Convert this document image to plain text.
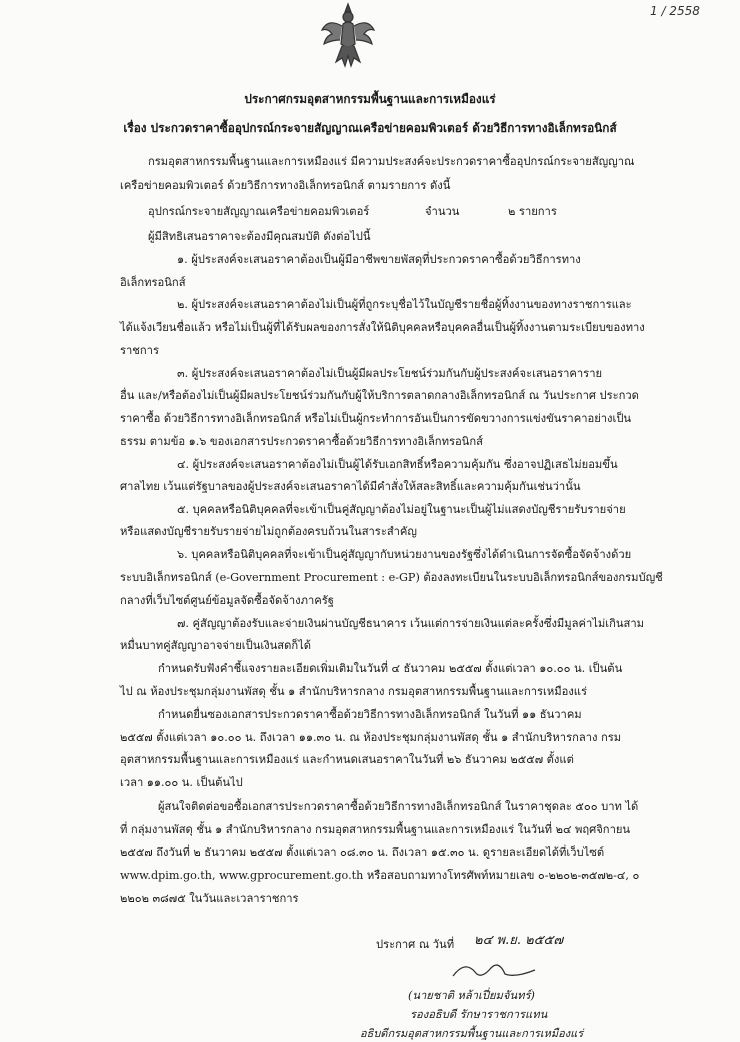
1 / 2558
ประกาศกรมอุตสาหกรรมพื้นฐานและการเหมืองแร่
เรื่อง ประกวดราคาซื้ออุปกรณ์กระจายสัญญาณเครือข่ายคอมพิวเตอร์ ด้วยวิธีการทางอิเล็กทรอนิกส์
กรมอุตสาหกรรมพื้นฐานและการเหมืองแร่ มีความประสงค์จะประกวดราคาซื้ออุปกรณ์กระจายสัญญาณ
เครือข่ายคอมพิวเตอร์ ด้วยวิธีการทางอิเล็กทรอนิกส์ ตามรายการ ดังนี้
อุปกรณ์กระจายสัญญาณเครือข่ายคอมพิวเตอร์	จำนวน	๒ รายการ
ผู้มีสิทธิเสนอราคาจะต้องมีคุณสมบัติ ดังต่อไปนี้
๑. ผู้ประสงค์จะเสนอราคาต้องเป็นผู้มีอาชีพขายพัสดุที่ประกวดราคาซื้อด้วยวิธีการทาง
อิเล็กทรอนิกส์
๒. ผู้ประสงค์จะเสนอราคาต้องไม่เป็นผู้ที่ถูกระบุชื่อไว้ในบัญชีรายชื่อผู้ทิ้งงานของทางราชการและ
ได้แจ้งเวียนชื่อแล้ว หรือไม่เป็นผู้ที่ได้รับผลของการสั่งให้นิติบุคคลหรือบุคคลอื่นเป็นผู้ทิ้งงานตามระเบียบของทาง
ราชการ
๓. ผู้ประสงค์จะเสนอราคาต้องไม่เป็นผู้มีผลประโยชน์ร่วมกันกับผู้ประสงค์จะเสนอราคาราย
อื่น และ/หรือต้องไม่เป็นผู้มีผลประโยชน์ร่วมกันกับผู้ให้บริการตลาดกลางอิเล็กทรอนิกส์ ณ วันประกาศ ประกวด
ราคาซื้อ ด้วยวิธีการทางอิเล็กทรอนิกส์ หรือไม่เป็นผู้กระทำการอันเป็นการขัดขวางการแข่งขันราคาอย่างเป็น
ธรรม ตามข้อ ๑.๖ ของเอกสารประกวดราคาซื้อด้วยวิธีการทางอิเล็กทรอนิกส์
๔. ผู้ประสงค์จะเสนอราคาต้องไม่เป็นผู้ได้รับเอกสิทธิ์หรือความคุ้มกัน ซึ่งอาจปฏิเสธไม่ยอมขึ้น
ศาลไทย เว้นแต่รัฐบาลของผู้ประสงค์จะเสนอราคาได้มีคำสั่งให้สละสิทธิ์และความคุ้มกันเช่นว่านั้น
๕. บุคคลหรือนิติบุคคลที่จะเข้าเป็นคู่สัญญาต้องไม่อยู่ในฐานะเป็นผู้ไม่แสดงบัญชีรายรับรายจ่าย
หรือแสดงบัญชีรายรับรายจ่ายไม่ถูกต้องครบถ้วนในสาระสำคัญ
๖. บุคคลหรือนิติบุคคลที่จะเข้าเป็นคู่สัญญากับหน่วยงานของรัฐซึ่งได้ดำเนินการจัดซื้อจัดจ้างด้วย
ระบบอิเล็กทรอนิกส์ (e-Government Procurement : e-GP) ต้องลงทะเบียนในระบบอิเล็กทรอนิกส์ของกรมบัญชี
กลางที่เว็บไซต์ศูนย์ข้อมูลจัดซื้อจัดจ้างภาครัฐ
๗. คู่สัญญาต้องรับและจ่ายเงินผ่านบัญชีธนาคาร เว้นแต่การจ่ายเงินแต่ละครั้งซึ่งมีมูลค่าไม่เกินสาม
หมื่นบาทคู่สัญญาอาจจ่ายเป็นเงินสดก็ได้
กำหนดรับฟังคำชี้แจงรายละเอียดเพิ่มเติมในวันที่ ๔ ธันวาคม ๒๕๕๗ ตั้งแต่เวลา ๑๐.๐๐ น. เป็นต้น
ไป ณ ห้องประชุมกลุ่มงานพัสดุ ชั้น ๑ สำนักบริหารกลาง กรมอุตสาหกรรมพื้นฐานและการเหมืองแร่
กำหนดยื่นซองเอกสารประกวดราคาซื้อด้วยวิธีการทางอิเล็กทรอนิกส์ ในวันที่ ๑๑ ธันวาคม
๒๕๕๗ ตั้งแต่เวลา ๑๐.๐๐ น. ถึงเวลา ๑๑.๓๐ น. ณ ห้องประชุมกลุ่มงานพัสดุ ชั้น ๑ สำนักบริหารกลาง กรม
อุตสาหกรรมพื้นฐานและการเหมืองแร่ และกำหนดเสนอราคาในวันที่ ๒๖ ธันวาคม ๒๕๕๗ ตั้งแต่
เวลา ๑๑.๐๐ น. เป็นต้นไป
ผู้สนใจติดต่อขอซื้อเอกสารประกวดราคาซื้อด้วยวิธีการทางอิเล็กทรอนิกส์ ในราคาชุดละ ๕๐๐ บาท ได้
ที่ กลุ่มงานพัสดุ ชั้น ๑ สำนักบริหารกลาง กรมอุตสาหกรรมพื้นฐานและการเหมืองแร่ ในวันที่ ๒๔ พฤศจิกายน
๒๕๕๗ ถึงวันที่ ๒ ธันวาคม ๒๕๕๗ ตั้งแต่เวลา ๐๘.๓๐ น. ถึงเวลา ๑๕.๓๐ น. ดูรายละเอียดได้ที่เว็บไซต์
www.dpim.go.th, www.gprocurement.go.th หรือสอบถามทางโทรศัพท์หมายเลข ๐-๒๒๐๒-๓๕๗๒-๔, ๐
๒๒๐๒ ๓๘๗๕ ในวันและเวลาราชการ
ประกาศ ณ วันที่ ๒๔ พ.ย. ๒๕๕๗
(นายชาติ หล้าเปี่ยมจันทร์)
รองอธิบดี รักษาราชการแทน
อธิบดีกรมอุตสาหกรรมพื้นฐานและการเหมืองแร่
